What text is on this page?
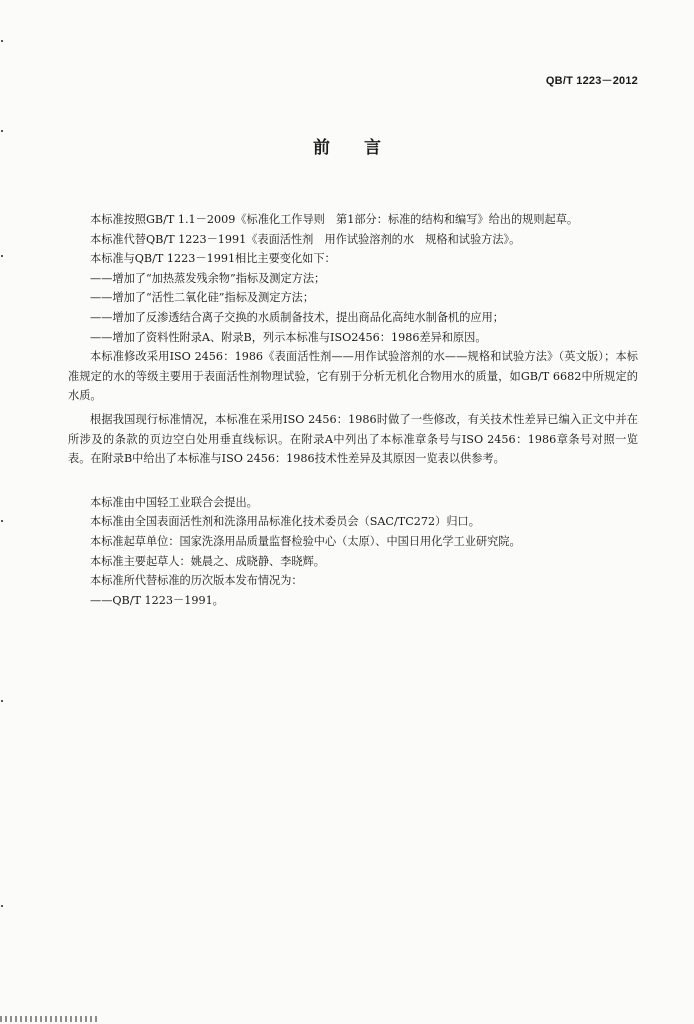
QB/T 1223－2012
前言

本标准按照GB/T 1.1－2009《标准化工作导则　第1部分：标准的结构和编写》给出的规则起草。

本标准代替QB/T 1223－1991《表面活性剂　用作试验溶剂的水　规格和试验方法》。

本标准与QB/T 1223－1991相比主要变化如下：

——增加了“加热蒸发残余物”指标及测定方法；

——增加了“活性二氧化硅”指标及测定方法；

——增加了反渗透结合离子交换的水质制备技术，提出商品化高纯水制备机的应用；

——增加了资料性附录A、附录B，列示本标准与ISO2456：1986差异和原因。

本标准修改采用ISO 2456：1986《表面活性剂——用作试验溶剂的水——规格和试验方法》（英文版）；本标准规定的水的等级主要用于表面活性剂物理试验，它有别于分析无机化合物用水的质量，如GB/T 6682中所规定的水质。

根据我国现行标准情况，本标准在采用ISO 2456：1986时做了一些修改，有关技术性差异已编入正文中并在所涉及的条款的页边空白处用垂直线标识。在附录A中列出了本标准章条号与ISO 2456：1986章条号对照一览表。在附录B中给出了本标准与ISO 2456：1986技术性差异及其原因一览表以供参考。

本标准由中国轻工业联合会提出。

本标准由全国表面活性剂和洗涤用品标准化技术委员会（SAC/TC272）归口。

本标准起草单位：国家洗涤用品质量监督检验中心（太原）、中国日用化学工业研究院。

本标准主要起草人：姚晨之、成晓静、李晓辉。

本标准所代替标准的历次版本发布情况为：

——QB/T 1223－1991。
